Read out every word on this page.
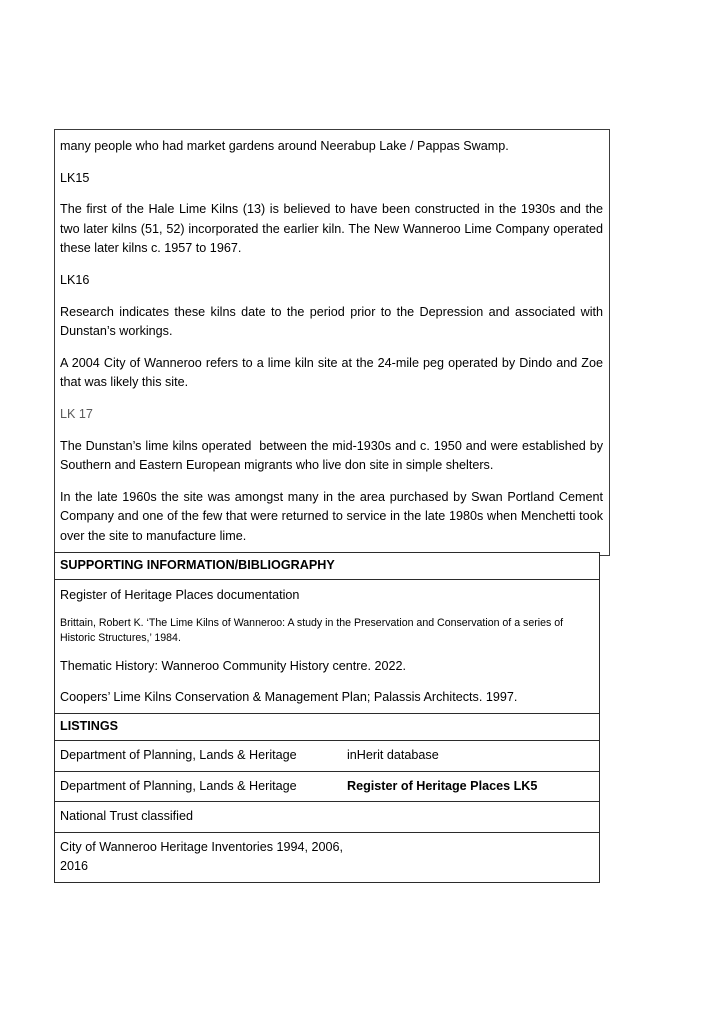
many people who had market gardens around Neerabup Lake / Pappas Swamp.

LK15

The first of the Hale Lime Kilns (13) is believed to have been constructed in the 1930s and the two later kilns (51, 52) incorporated the earlier kiln. The New Wanneroo Lime Company operated these later kilns c. 1957 to 1967.

LK16

Research indicates these kilns date to the period prior to the Depression and associated with Dunstan’s workings.

A 2004 City of Wanneroo refers to a lime kiln site at the 24-mile peg operated by Dindo and Zoe that was likely this site.

LK 17

The Dunstan’s lime kilns operated  between the mid-1930s and c. 1950 and were established by Southern and Eastern European migrants who live don site in simple shelters.

In the late 1960s the site was amongst many in the area purchased by Swan Portland Cement Company and one of the few that were returned to service in the late 1980s when Menchetti took over the site to manufacture lime.

SUPPORTING INFORMATION/BIBLIOGRAPHY

Register of Heritage Places documentation
Brittain, Robert K. ‘The Lime Kilns of Wanneroo: A study in the Preservation and Conservation of a series of Historic Structures,’ 1984.
Thematic History: Wanneroo Community History centre. 2022.
Coopers’ Lime Kilns Conservation & Management Plan; Palassis Architects. 1997.

LISTINGS

Department of Planning, Lands & Heritage	inHerit database

Department of Planning, Lands & Heritage	Register of Heritage Places LK5

National Trust classified

City of Wanneroo Heritage Inventories 1994, 2006, 2016
